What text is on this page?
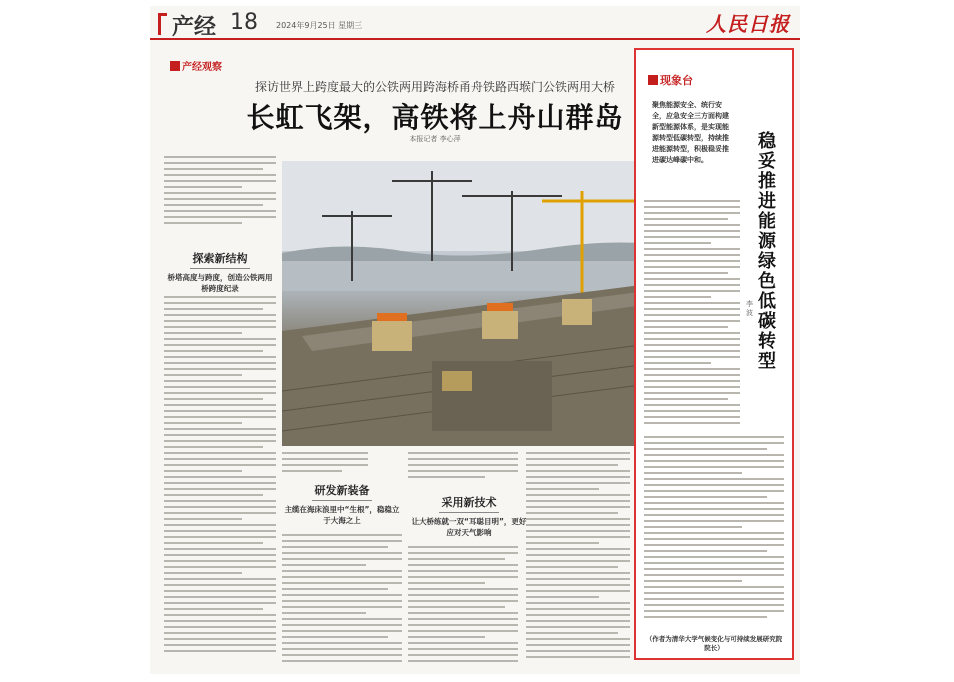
产经 18 2024年9月25日 星期三	人民日报
产经观察
探访世界上跨度最大的公铁两用跨海桥甬舟铁路西堠门公铁两用大桥
长虹飞架，高铁将上舟山群岛
本报记者 李心萍
探索新结构
桥塔高度与跨度，创造公铁两用桥跨度纪录
研发新装备
主缆在海床浪里中“生根”，稳稳立于大海之上
采用新技术
让大桥练就一双“耳聪目明”，更好应对天气影响
现象台
聚焦能源安全、统行安全，应急安全三方面构建新型能源体系，是实现能源转型低碳转型，持续推进能源转型，积极稳妥推进碳达峰碳中和。
稳妥推进能源绿色低碳转型
李波
（作者为清华大学气候变化与可持续发展研究院院长）
